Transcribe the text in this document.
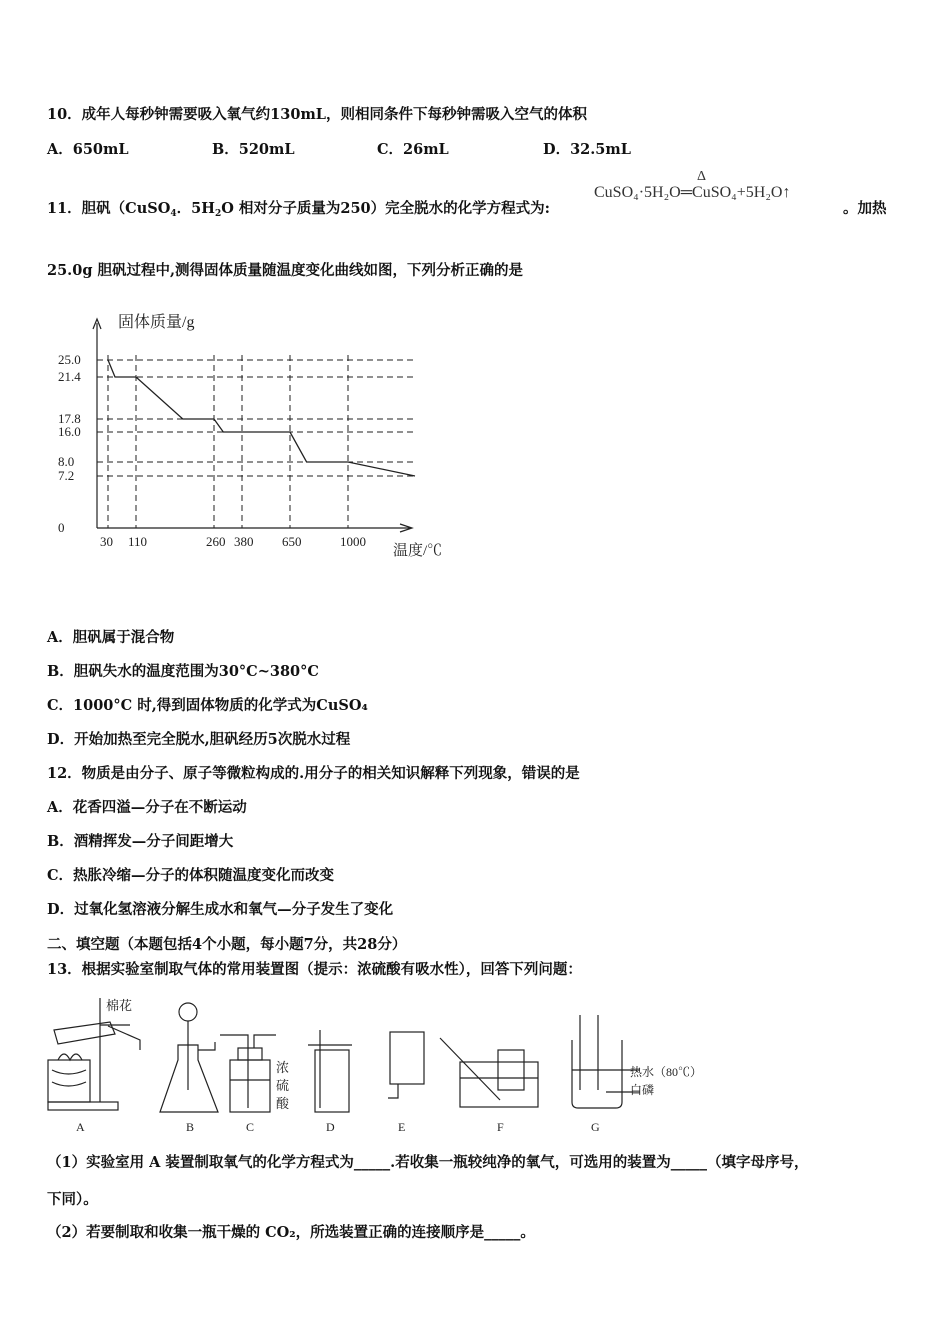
10．成年人每秒钟需要吸入氧气约130mL，则相同条件下每秒钟需吸入空气的体积
A．650mL	B．520mL	C．26mL	D．32.5mL
11．胆矾（CuSO$_4$．$5H_2O$ 相对分子质量为250）完全脱水的化学方程式为:
Δ
CuSO₄·5H₂O═CuSO₄+5H₂O↑
。加热
25.0g 胆矾过程中,测得固体质量随温度变化曲线如图，下列分析正确的是
固体质量/g
温度/℃
25.0
21.4
17.8
16.0
8.0
7.2
0
30 110	260 380 650	1000
A．胆矾属于混合物
B．胆矾失水的温度范围为30°C~380°C
C．1000°C 时,得到固体物质的化学式为CuSO₄
D．开始加热至完全脱水,胆矾经历5次脱水过程
12．物质是由分子、原子等微粒构成的.用分子的相关知识解释下列现象，错误的是
A．花香四溢—分子在不断运动
B．酒精挥发—分子间距增大
C．热胀冷缩—分子的体积随温度变化而改变
D．过氧化氢溶液分解生成水和氧气—分子发生了变化
二、填空题（本题包括4个小题，每小题7分，共28分）
13．根据实验室制取气体的常用装置图（提示：浓硫酸有吸水性），回答下列问题：
棉花
浓
硫
酸
热水（80℃）
白磷
A	B	C	D	E	F	G
（1）实验室用 A 装置制取氧气的化学方程式为_____.若收集一瓶较纯净的氧气，可选用的装置为_____（填字母序号，
下同）。
（2）若要制取和收集一瓶干燥的 CO₂，所选装置正确的连接顺序是_____。
